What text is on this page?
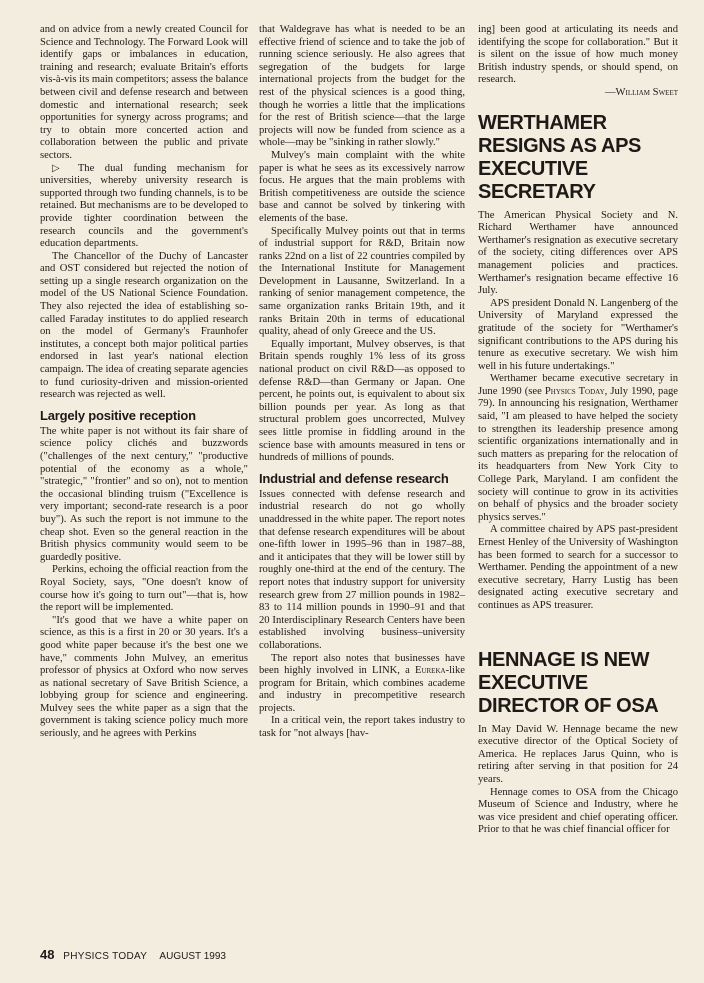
and on advice from a newly created Council for Science and Technology. The Forward Look will identify gaps or imbalances in education, training and research; evaluate Britain's efforts vis-à-vis its main competitors; assess the balance between civil and defense research and between domestic and international research; seek opportunities for synergy across programs; and try to obtain more concerted action and collaboration between the public and private sectors.

▷ The dual funding mechanism for universities, whereby university research is supported through two funding channels, is to be retained. But mechanisms are to be developed to provide tighter coordination between the research councils and the government's education departments.

The Chancellor of the Duchy of Lancaster and OST considered but rejected the notion of setting up a single research organization on the model of the US National Science Foundation. They also rejected the idea of establishing so-called Faraday institutes to do applied research on the model of Germany's Fraunhofer institutes, a concept both major political parties endorsed in last year's national election campaign. The idea of creating separate agencies to fund curiosity-driven and mission-oriented research was rejected as well.

Largely positive reception

The white paper is not without its fair share of science policy clichés and buzzwords ("challenges of the next century," "productive potential of the economy as a whole," "strategic," "frontier" and so on), not to mention the occasional blinding truism ("Excellence is very important; second-rate research is a poor buy"). As such the report is not immune to the cheap shot. Even so the general reaction in the British physics community would seem to be guardedly positive.

Perkins, echoing the official reaction from the Royal Society, says, "One doesn't know of course how it's going to turn out"—that is, how the report will be implemented.

"It's good that we have a white paper on science, as this is a first in 20 or 30 years. It's a good white paper because it's the best one we have," comments John Mulvey, an emeritus professor of physics at Oxford who now serves as national secretary of Save British Science, a lobbying group for science and engineering. Mulvey sees the white paper as a sign that the government is taking science policy much more seriously, and he agrees with Perkins

that Waldegrave has what is needed to be an effective friend of science and to take the job of running science seriously. He also agrees that segregation of the budgets for large international projects from the budget for the rest of the physical sciences is a good thing, though he worries a little that the implications for the rest of British science—that the large projects will now be funded from science as a whole—may be "sinking in rather slowly."

Mulvey's main complaint with the white paper is what he sees as its excessively narrow focus. He argues that the main problems with British competitiveness are outside the science base and cannot be solved by tinkering with elements of the base.

Specifically Mulvey points out that in terms of industrial support for R&D, Britain now ranks 22nd on a list of 22 countries compiled by the International Institute for Management Development in Lausanne, Switzerland. In a ranking of senior management competence, the same organization ranks Britain 19th, and it ranks Britain 20th in terms of educational quality, ahead of only Greece and the US.

Equally important, Mulvey observes, is that Britain spends roughly 1% less of its gross national product on civil R&D—as opposed to defense R&D—than Germany or Japan. One percent, he points out, is equivalent to about six billion pounds per year. As long as that structural problem goes uncorrected, Mulvey sees little promise in fiddling around in the science base with amounts measured in tens or hundreds of millions of pounds.

Industrial and defense research

Issues connected with defense research and industrial research do not go wholly unaddressed in the white paper. The report notes that defense research expenditures will be about one-fifth lower in 1995–96 than in 1987–88, and it anticipates that they will be lower still by roughly one-third at the end of the century. The report notes that industry support for university research grew from 27 million pounds in 1982–83 to 114 million pounds in 1990–91 and that 20 Interdisciplinary Research Centers have been established involving business–university collaborations.

The report also notes that businesses have been highly involved in LINK, a Eureka-like program for Britain, which combines academe and industry in precompetitive research projects.

In a critical vein, the report takes industry to task for "not always [hav-

ing] been good at articulating its needs and identifying the scope for collaboration." But it is silent on the issue of how much money British industry spends, or should spend, on research.

—William Sweet

WERTHAMER RESIGNS AS APS EXECUTIVE SECRETARY

The American Physical Society and N. Richard Werthamer have announced Werthamer's resignation as executive secretary of the society, citing differences over APS management policies and practices. Werthamer's resignation became effective 16 July.

APS president Donald N. Langenberg of the University of Maryland expressed the gratitude of the society for "Werthamer's significant contributions to the APS during his tenure as executive secretary. We wish him well in his future undertakings."

Werthamer became executive secretary in June 1990 (see Physics Today, July 1990, page 79). In announcing his resignation, Werthamer said, "I am pleased to have helped the society to strengthen its leadership presence among scientific organizations internationally and in such matters as preparing for the relocation of its headquarters from New York City to College Park, Maryland. I am confident the society will continue to grow in its activities on behalf of physics and the broader society physics serves."

A committee chaired by APS past-president Ernest Henley of the University of Washington has been formed to search for a successor to Werthamer. Pending the appointment of a new executive secretary, Harry Lustig has been designated acting executive secretary and continues as APS treasurer.

HENNAGE IS NEW EXECUTIVE DIRECTOR OF OSA

In May David W. Hennage became the new executive director of the Optical Society of America. He replaces Jarus Quinn, who is retiring after serving in that position for 24 years.

Hennage comes to OSA from the Chicago Museum of Science and Industry, where he was vice president and chief operating officer. Prior to that he was chief financial officer for

48 PHYSICS TODAY AUGUST 1993
